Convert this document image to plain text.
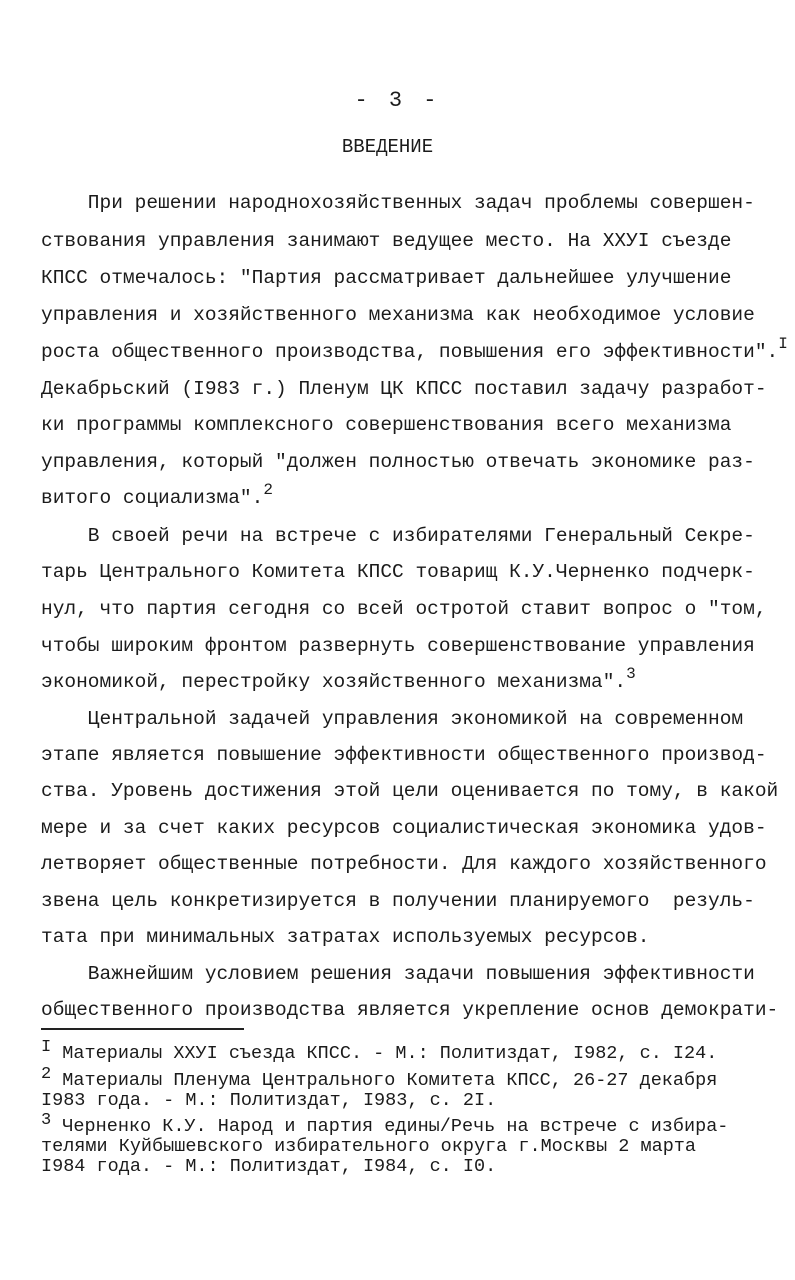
- 3 -
ВВЕДЕНИЕ
При решении народнохозяйственных задач проблемы совершен-
ствования управления занимают ведущее место. На ХХУI съезде
КПСС отмечалось: "Партия рассматривает дальнейшее улучшение
управления и хозяйственного механизма как необходимое условие
роста общественного производства, повышения его эффективности".$^I$
Декабрьский (I983 г.) Пленум ЦК КПСС поставил задачу разработ-
ки программы комплексного совершенствования всего механизма
управления, который "должен полностью отвечать экономике раз-
витого социализма".$^2$
В своей речи на встрече с избирателями Генеральный Секре-
тарь Центрального Комитета КПСС товарищ К.У.Черненко подчерк-
нул, что партия сегодня со всей остротой ставит вопрос о "том,
чтобы широким фронтом развернуть совершенствование управления
экономикой, перестройку хозяйственного механизма".$^3$
Центральной задачей управления экономикой на современном
этапе является повышение эффективности общественного производ-
ства. Уровень достижения этой цели оценивается по тому, в какой
мере и за счет каких ресурсов социалистическая экономика удов-
летворяет общественные потребности. Для каждого хозяйственного
звена цель конкретизируется в получении планируемого  резуль-
тата при минимальных затратах используемых ресурсов.
Важнейшим условием решения задачи повышения эффективности
общественного производства является укрепление основ демократи-
I Материалы ХХУI съезда КПСС. - М.: Политиздат, I982, с. I24.
2 Материалы Пленума Центрального Комитета КПСС, 26-27 декабря
I983 года. - М.: Политиздат, I983, с. 2I.
3 Черненко К.У. Народ и партия едины/Речь на встрече с избира-
телями Куйбышевского избирательного округа г.Москвы 2 марта
I984 года. - М.: Политиздат, I984, с. I0.
